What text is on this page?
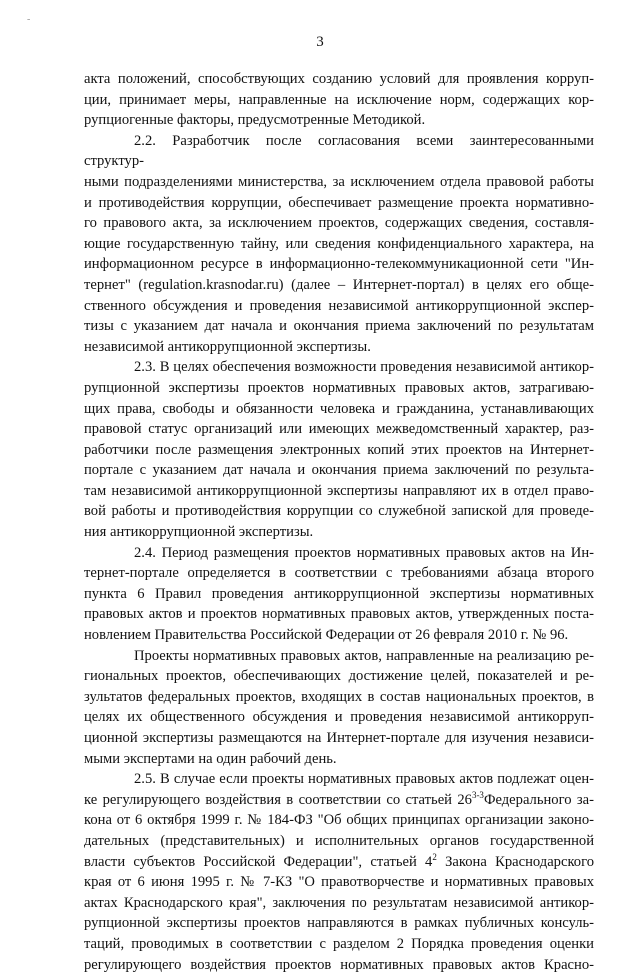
-
3

акта положений, способствующих созданию условий для проявления корруп-

ции, принимает меры, направленные на исключение норм, содержащих кор-

рупциогенные факторы, предусмотренные Методикой.

2.2. Разработчик после согласования всеми заинтересованными структур-

ными подразделениями министерства, за исключением отдела правовой работы

и противодействия коррупции, обеспечивает размещение проекта нормативно-

го правового акта, за исключением проектов, содержащих сведения, составля-

ющие государственную тайну, или сведения конфиденциального характера, на

информационном ресурсе в информационно-телекоммуникационной сети "Ин-

тернет" (regulation.krasnodar.ru) (далее – Интернет-портал) в целях его обще-

ственного обсуждения и проведения независимой антикоррупционной экспер-

тизы с указанием дат начала и окончания приема заключений по результатам

независимой антикоррупционной экспертизы.

2.3. В целях обеспечения возможности проведения независимой антикор-

рупционной экспертизы проектов нормативных правовых актов, затрагиваю-

щих права, свободы и обязанности человека и гражданина, устанавливающих

правовой статус организаций или имеющих межведомственный характер, раз-

работчики после размещения электронных копий этих проектов на Интернет-

портале с указанием дат начала и окончания приема заключений по результа-

там независимой антикоррупционной экспертизы направляют их в отдел право-

вой работы и противодействия коррупции со служебной запиской для проведе-

ния антикоррупционной экспертизы.

2.4. Период размещения проектов нормативных правовых актов на Ин-

тернет-портале определяется в соответствии с требованиями абзаца второго

пункта 6 Правил проведения антикоррупционной экспертизы нормативных

правовых актов и проектов нормативных правовых актов, утвержденных поста-

новлением Правительства Российской Федерации от 26 февраля 2010 г. № 96.

Проекты нормативных правовых актов, направленные на реализацию ре-

гиональных проектов, обеспечивающих достижение целей, показателей и ре-

зультатов федеральных проектов, входящих в состав национальных проектов, в

целях их общественного обсуждения и проведения независимой антикорруп-

ционной экспертизы размещаются на Интернет-портале для изучения независи-

мыми экспертами на один рабочий день.

2.5. В случае если проекты нормативных правовых актов подлежат оцен-

ке регулирующего воздействия в соответствии со статьей 26$^{3-3}$Федерального за-

кона от 6 октября 1999 г. № 184-ФЗ "Об общих принципах организации законо-

дательных (представительных) и исполнительных органов государственной

власти субъектов Российской Федерации", статьей $4^2$ Закона Краснодарского

края от 6 июня 1995 г. № 7-КЗ "О правотворчестве и нормативных правовых

актах Краснодарского края", заключения по результатам независимой антикор-

рупционной экспертизы проектов направляются в рамках публичных консуль-

таций, проводимых в соответствии с разделом 2 Порядка проведения оценки

регулирующего воздействия проектов нормативных правовых актов Красно-
